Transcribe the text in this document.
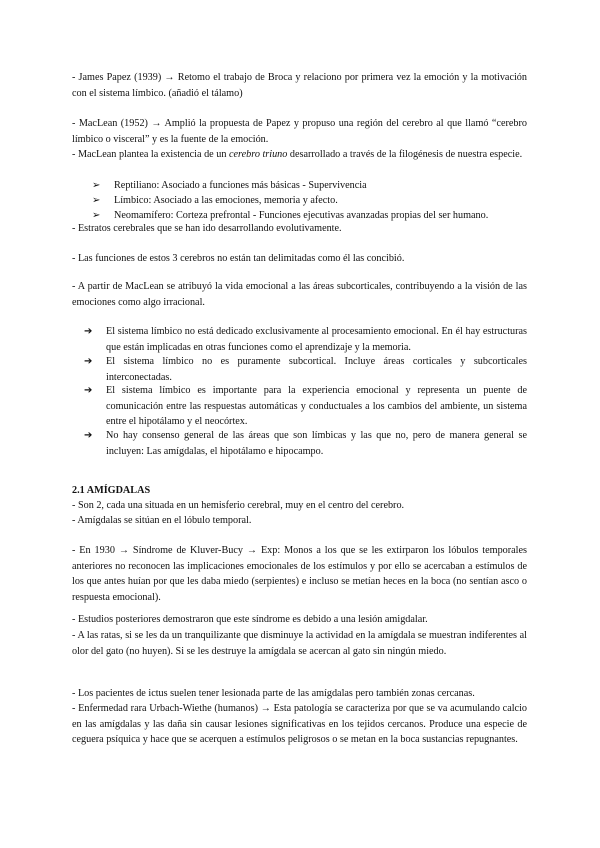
- James Papez (1939) → Retomo el trabajo de Broca y relaciono por primera vez la emoción y la motivación con el sistema límbico. (añadió el tálamo)

- MacLean (1952) → Amplió la propuesta de Papez y propuso una región del cerebro al que llamó “cerebro límbico o visceral” y es la fuente de la emoción.

- MacLean plantea la existencia de un cerebro triuno desarrollado a través de la filogénesis de nuestra especie.

➢ Reptiliano: Asociado a funciones más básicas - Supervivencia

➢ Límbico: Asociado a las emociones, memoria y afecto.

➢ Neomamífero: Corteza prefrontal - Funciones ejecutivas avanzadas propias del ser humano.

- Estratos cerebrales que se han ido desarrollando evolutivamente.

- Las funciones de estos 3 cerebros no están tan delimitadas como él las concibió.

- A partir de MacLean se atribuyó la vida emocional a las áreas subcorticales, contribuyendo a la visión de las emociones como algo irracional.

➔ El sistema límbico no está dedicado exclusivamente al procesamiento emocional. En él hay estructuras que están implicadas en otras funciones como el aprendizaje y la memoria.
➔ El sistema límbico no es puramente subcortical. Incluye áreas corticales y subcorticales interconectadas.
➔ El sistema límbico es importante para la experiencia emocional y representa un puente de comunicación entre las respuestas automáticas y conductuales a los cambios del ambiente, un sistema entre el hipotálamo y el neocórtex.
➔ No hay consenso general de las áreas que son límbicas y las que no, pero de manera general se incluyen: Las amígdalas, el hipotálamo e hipocampo.

2.1 AMÍGDALAS

- Son 2, cada una situada en un hemisferio cerebral, muy en el centro del cerebro.

- Amígdalas se sitúan en el lóbulo temporal.

- En 1930 → Síndrome de Kluver-Bucy → Exp: Monos a los que se les extirparon los lóbulos temporales anteriores no reconocen las implicaciones emocionales de los estímulos y por ello se acercaban a estímulos de los que antes huían por que les daba miedo (serpientes) e incluso se metían heces en la boca (no sentían asco o respuesta emocional).

- Estudios posteriores demostraron que este síndrome es debido a una lesión amigdalar.

- A las ratas, si se les da un tranquilizante que disminuye la actividad en la amígdala se muestran indiferentes al olor del gato (no huyen). Si se les destruye la amígdala se acercan al gato sin ningún miedo.

- Los pacientes de ictus suelen tener lesionada parte de las amígdalas pero también zonas cercanas.

- Enfermedad rara Urbach-Wiethe (humanos) → Esta patología se caracteriza por que se va acumulando calcio en las amígdalas y las daña sin causar lesiones significativas en los tejidos cercanos. Produce una especie de ceguera psíquica y hace que se acerquen a estímulos peligrosos o se metan en la boca sustancias repugnantes.
